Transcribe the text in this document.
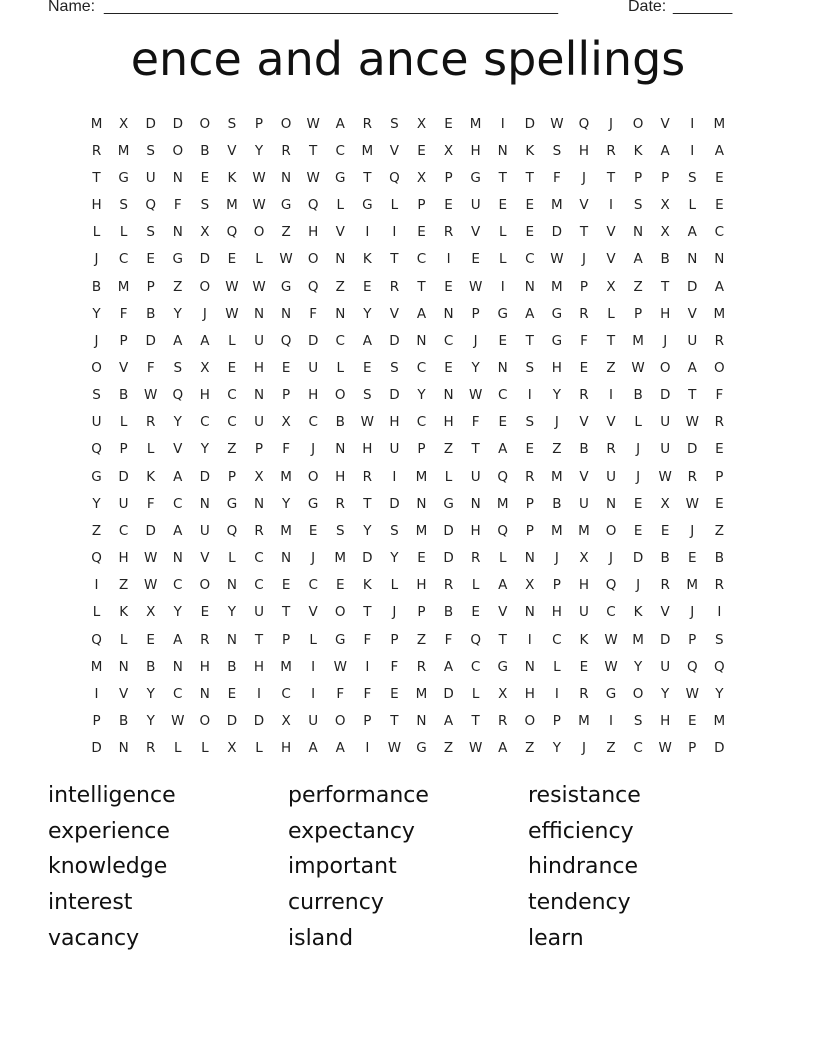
Name: ______________________________________________________	Date: _______
ence and ance spellings
M	X	D	D	O	S	P	O	W	A	R	S	X	E	M	I	D	W	Q	J	O	V	I	M
R	M	S	O	B	V	Y	R	T	C	M	V	E	X	H	N	K	S	H	R	K	A	I	A
T	G	U	N	E	K	W	N	W	G	T	Q	X	P	G	T	T	F	J	T	P	P	S	E
H	S	Q	F	S	M	W	G	Q	L	G	L	P	E	U	E	E	M	V	I	S	X	L	E
L	L	S	N	X	Q	O	Z	H	V	I	I	E	R	V	L	E	D	T	V	N	X	A	C
J	C	E	G	D	E	L	W	O	N	K	T	C	I	E	L	C	W	J	V	A	B	N	N
B	M	P	Z	O	W	W	G	Q	Z	E	R	T	E	W	I	N	M	P	X	Z	T	D	A
Y	F	B	Y	J	W	N	N	F	N	Y	V	A	N	P	G	A	G	R	L	P	H	V	M
J	P	D	A	A	L	U	Q	D	C	A	D	N	C	J	E	T	G	F	T	M	J	U	R
O	V	F	S	X	E	H	E	U	L	E	S	C	E	Y	N	S	H	E	Z	W	O	A	O
S	B	W	Q	H	C	N	P	H	O	S	D	Y	N	W	C	I	Y	R	I	B	D	T	F
U	L	R	Y	C	C	U	X	C	B	W	H	C	H	F	E	S	J	V	V	L	U	W	R
Q	P	L	V	Y	Z	P	F	J	N	H	U	P	Z	T	A	E	Z	B	R	J	U	D	E
G	D	K	A	D	P	X	M	O	H	R	I	M	L	U	Q	R	M	V	U	J	W	R	P
Y	U	F	C	N	G	N	Y	G	R	T	D	N	G	N	M	P	B	U	N	E	X	W	E
Z	C	D	A	U	Q	R	M	E	S	Y	S	M	D	H	Q	P	M	M	O	E	E	J	Z
Q	H	W	N	V	L	C	N	J	M	D	Y	E	D	R	L	N	J	X	J	D	B	E	B
I	Z	W	C	O	N	C	E	C	E	K	L	H	R	L	A	X	P	H	Q	J	R	M	R
L	K	X	Y	E	Y	U	T	V	O	T	J	P	B	E	V	N	H	U	C	K	V	J	I
Q	L	E	A	R	N	T	P	L	G	F	P	Z	F	Q	T	I	C	K	W	M	D	P	S
M	N	B	N	H	B	H	M	I	W	I	F	R	A	C	G	N	L	E	W	Y	U	Q	Q
I	V	Y	C	N	E	I	C	I	F	F	E	M	D	L	X	H	I	R	G	O	Y	W	Y
P	B	Y	W	O	D	D	X	U	O	P	T	N	A	T	R	O	P	M	I	S	H	E	M
D	N	R	L	L	X	L	H	A	A	I	W	G	Z	W	A	Z	Y	J	Z	C	W	P	D
intelligence
experience
knowledge
interest
vacancy
performance
expectancy
important
currency
island
resistance
efficiency
hindrance
tendency
learn
